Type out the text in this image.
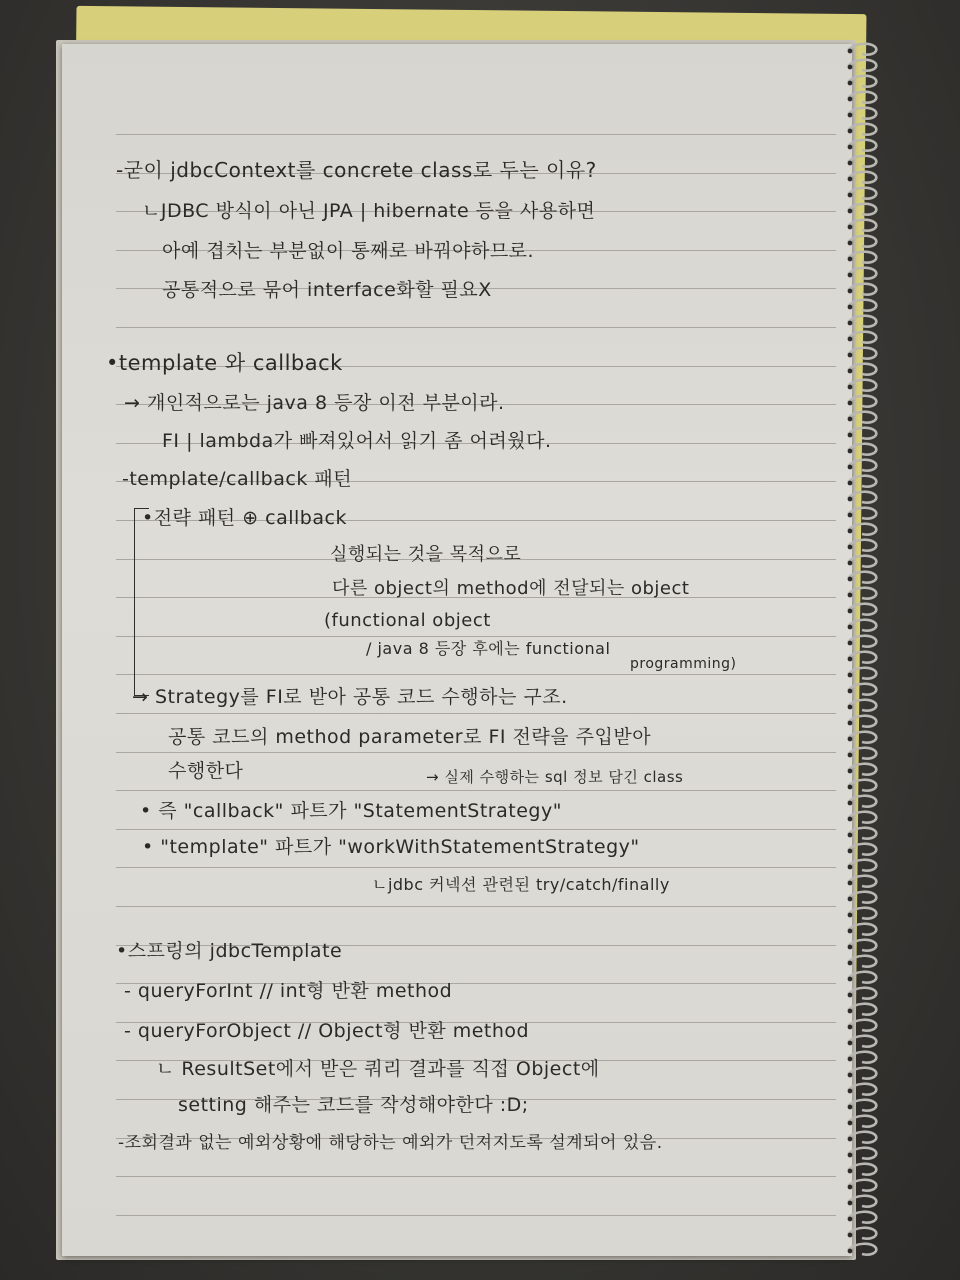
-굳이 jdbcContext를 concrete class로 두는 이유?
ㄴJDBC 방식이 아닌 JPA | hibernate 등을 사용하면
아예 겹치는 부분없이 통째로 바꿔야하므로.
공통적으로 묶어 interface화할 필요X
•template 와 callback
→ 개인적으로는 java 8 등장 이전 부분이라.
FI | lambda가 빠져있어서 읽기 좀 어려웠다.
-template/callback 패턴
•전략 패턴 ⊕ callback
실행되는 것을 목적으로
다른 object의 method에 전달되는 object
(functional object
/ java 8 등장 후에는 functional
programming)
→ Strategy를 FI로 받아 공통 코드 수행하는 구조.
공통 코드의 method parameter로 FI 전략을 주입받아
수행한다	→ 실제 수행하는 sql 정보 담긴 class
• 즉 "callback" 파트가 "StatementStrategy"
• "template" 파트가 "workWithStatementStrategy"
ㄴjdbc 커넥션 관련된 try/catch/finally
•스프링의 jdbcTemplate
- queryForInt // int형 반환 method
- queryForObject // Object형 반환 method
ㄴ ResultSet에서 받은 쿼리 결과를 직접 Object에
setting 해주는 코드를 작성해야한다 :D;
-조회결과 없는 예외상황에 해당하는 예외가 던져지도록 설계되어 있음.
